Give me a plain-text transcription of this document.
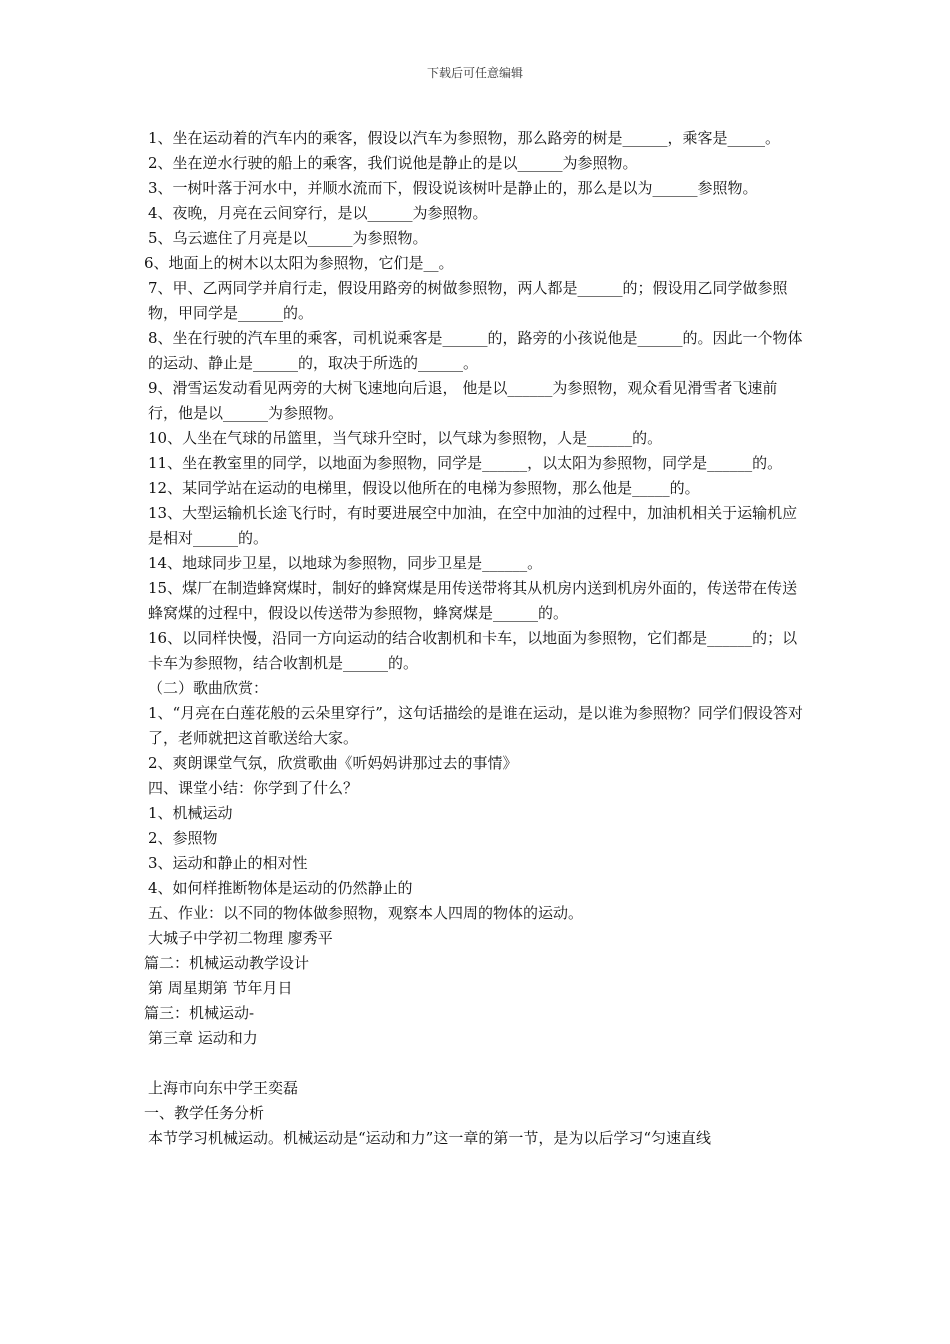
下载后可任意编辑

1、坐在运动着的汽车内的乘客，假设以汽车为参照物，那么路旁的树是______，乘客是_____。

2、坐在逆水行驶的船上的乘客，我们说他是静止的是以______为参照物。

3、一树叶落于河水中，并顺水流而下，假设说该树叶是静止的，那么是以为______参照物。

4、夜晚，月亮在云间穿行，是以______为参照物。

5、乌云遮住了月亮是以______为参照物。

6、地面上的树木以太阳为参照物，它们是__。

7、甲、乙两同学并肩行走，假设用路旁的树做参照物，两人都是______的；假设用乙同学做参照物，甲同学是______的。

8、坐在行驶的汽车里的乘客，司机说乘客是______的，路旁的小孩说他是______的。因此一个物体的运动、静止是______的，取决于所选的______。

9、滑雪运发动看见两旁的大树飞速地向后退， 他是以______为参照物，观众看见滑雪者飞速前行，他是以______为参照物。

10、人坐在气球的吊篮里，当气球升空时，以气球为参照物，人是______的。

11、坐在教室里的同学，以地面为参照物，同学是______，以太阳为参照物，同学是______的。

12、某同学站在运动的电梯里，假设以他所在的电梯为参照物，那么他是_____的。

13、大型运输机长途飞行时，有时要进展空中加油，在空中加油的过程中，加油机相关于运输机应是相对______的。

14、地球同步卫星，以地球为参照物，同步卫星是______。

15、煤厂在制造蜂窝煤时，制好的蜂窝煤是用传送带将其从机房内送到机房外面的，传送带在传送蜂窝煤的过程中，假设以传送带为参照物，蜂窝煤是______的。

16、以同样快慢，沿同一方向运动的结合收割机和卡车，以地面为参照物，它们都是______的；以卡车为参照物，结合收割机是______的。

（二）歌曲欣赏：

1、“月亮在白莲花般的云朵里穿行”，这句话描绘的是谁在运动，是以谁为参照物？同学们假设答对了，老师就把这首歌送给大家。

2、爽朗课堂气氛，欣赏歌曲《听妈妈讲那过去的事情》

四、课堂小结：你学到了什么？

1、机械运动

2、参照物

3、运动和静止的相对性

4、如何样推断物体是运动的仍然静止的

五、作业：以不同的物体做参照物，观察本人四周的物体的运动。

大城子中学初二物理 廖秀平

篇二：机械运动教学设计

第 周星期第 节年月日

篇三：机械运动-

第三章 运动和力

上海市向东中学王奕磊

一、教学任务分析

本节学习机械运动。机械运动是“运动和力”这一章的第一节，是为以后学习“匀速直线
